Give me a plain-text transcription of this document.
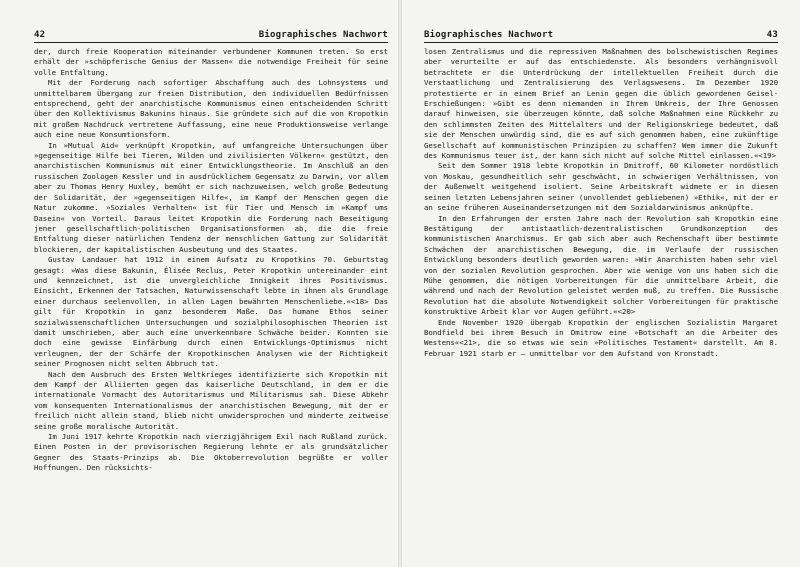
42	Biographisches Nachwort

der, durch freie Kooperation miteinander verbundener Kommunen treten. So erst erhält der »schöpferische Genius der Massen« die notwendige Freiheit für seine volle Entfaltung.

Mit der Forderung nach sofortiger Abschaffung auch des Lohnsystems und unmittelbarem Übergang zur freien Distribution, den individuellen Bedürfnissen entsprechend, geht der anarchistische Kommunismus einen entscheidenden Schritt über den Kollektivismus Bakunins hinaus. Sie gründete sich auf die von Kropotkin mit großem Nachdruck vertretene Auffassung, eine neue Produktionsweise verlange auch eine neue Konsumtionsform.

In »Mutual Aid« verknüpft Kropotkin, auf umfangreiche Untersuchungen über »gegenseitige Hilfe bei Tieren, Wilden und zivilisierten Völkern« gestützt, den anarchistischen Kommunismus mit einer Entwicklungstheorie. Im Anschluß an den russischen Zoologen Kessler und in ausdrücklichem Gegensatz zu Darwin, vor allem aber zu Thomas Henry Huxley, bemüht er sich nachzuweisen, welch große Bedeutung der Solidarität, der »gegenseitigen Hilfe«, im Kampf der Menschen gegen die Natur zukomme. »Soziales Verhalten« ist für Tier und Mensch im »Kampf ums Dasein« von Vorteil. Daraus leitet Kropotkin die Forderung nach Beseitigung jener gesellschaftlich-politischen Organisationsformen ab, die die freie Entfaltung dieser natürlichen Tendenz der menschlichen Gattung zur Solidarität blockieren, der kapitalistischen Ausbeutung und des Staates.

Gustav Landauer hat 1912 in einem Aufsatz zu Kropotkins 70. Geburtstag gesagt: »Was diese Bakunin, Élisée Reclus, Peter Kropotkin untereinander eint und kennzeichnet, ist die unvergleichliche Innigkeit ihres Positivismus. Einsicht, Erkennen der Tatsachen, Naturwissenschaft lebte in ihnen als Grundlage einer durchaus seelenvollen, in allen Lagen bewährten Menschenliebe.«<18> Das gilt für Kropotkin in ganz besonderem Maße. Das humane Ethos seiner sozialwissenschaftlichen Untersuchungen und sozialphilosophischen Theorien ist damit umschrieben, aber auch eine unverkennbare Schwäche beider. Konnten sie doch eine gewisse Einfärbung durch einen Entwicklungs-Optimismus nicht verleugnen, der der Schärfe der Kropotkinschen Analysen wie der Richtigkeit seiner Prognosen nicht selten Abbruch tat.

Nach dem Ausbruch des Ersten Weltkrieges identifizierte sich Kropotkin mit dem Kampf der Alliierten gegen das kaiserliche Deutschland, in dem er die internationale Vormacht des Autoritarismus und Militarismus sah. Diese Abkehr vom konsequenten Internationalismus der anarchistischen Bewegung, mit der er freilich nicht allein stand, blieb nicht unwidersprochen und minderte zeitweise seine große moralische Autorität.

Im Juni 1917 kehrte Kropotkin nach vierzigjährigem Exil nach Rußland zurück. Einen Posten in der provisorischen Regierung lehnte er als grundsätzlicher Gegner des Staats-Prinzips ab. Die Oktoberrevolution begrüßte er voller Hoffnungen. Den rücksichts-

Biographisches Nachwort	43

losen Zentralismus und die repressiven Maßnahmen des bolschewistischen Regimes aber verurteilte er auf das entschiedenste. Als besonders verhängnisvoll betrachtete er die Unterdrückung der intellektuellen Freiheit durch die Verstaatlichung und Zentralisierung des Verlagswesens. Im Dezember 1920 protestierte er in einem Brief an Lenin gegen die üblich gewordenen Geisel-Erschießungen: »Gibt es denn niemanden in Ihrem Umkreis, der Ihre Genossen darauf hinweisen, sie überzeugen könnte, daß solche Maßnahmen eine Rückkehr zu den schlimmsten Zeiten des Mittelalters und der Religionskriege bedeutet, daß sie der Menschen unwürdig sind, die es auf sich genommen haben, eine zukünftige Gesellschaft auf kommunistischen Prinzipien zu schaffen? Wem immer die Zukunft des Kommunismus teuer ist, der kann sich nicht auf solche Mittel einlassen.«<19>

Seit dem Sommer 1918 lebte Kropotkin in Dmitroff, 60 Kilometer nordöstlich von Moskau, gesundheitlich sehr geschwächt, in schwierigen Verhältnissen, von der Außenwelt weitgehend isoliert. Seine Arbeitskraft widmete er in diesen seinen letzten Lebensjahren seiner (unvollendet gebliebenen) »Ethik«, mit der er an seine früheren Auseinandersetzungen mit dem Sozialdarwinismus anknüpfte.

In den Erfahrungen der ersten Jahre nach der Revolution sah Kropotkin eine Bestätigung der antistaatlich-dezentralistischen Grundkonzeption des kommunistischen Anarchismus. Er gab sich aber auch Rechenschaft über bestimmte Schwächen der anarchistischen Bewegung, die im Verlaufe der russischen Entwicklung besonders deutlich geworden waren: »Wir Anarchisten haben sehr viel von der sozialen Revolution gesprochen. Aber wie wenige von uns haben sich die Mühe genommen, die nötigen Vorbereitungen für die unmittelbare Arbeit, die während und nach der Revolution geleistet werden muß, zu treffen. Die Russische Revolution hat die absolute Notwendigkeit solcher Vorbereitungen für praktische konstruktive Arbeit klar vor Augen geführt.«<20>

Ende November 1920 übergab Kropotkin der englischen Sozialistin Margaret Bondfield bei ihrem Besuch in Dmitrow eine »Botschaft an die Arbeiter des Westens«<21>, die so etwas wie sein »Politisches Testament« darstellt. Am 8. Februar 1921 starb er – unmittelbar vor dem Aufstand von Kronstadt.
